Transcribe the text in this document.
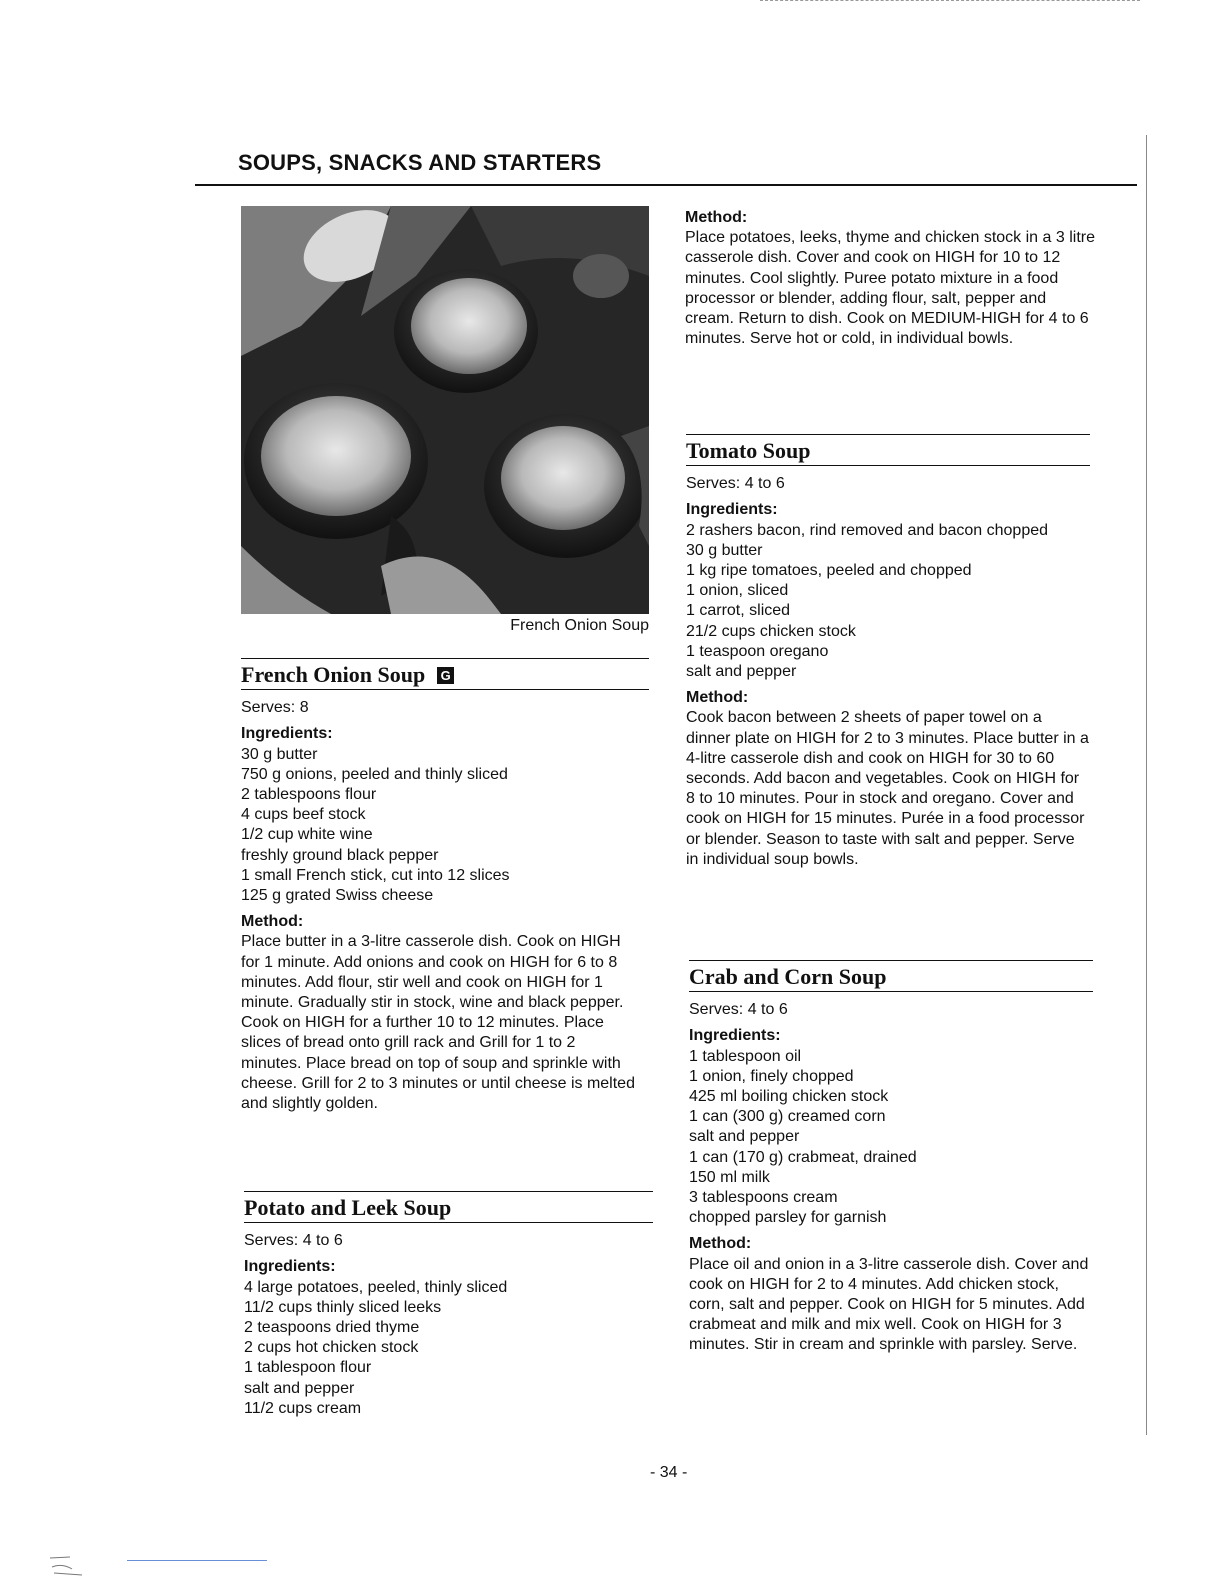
SOUPS, SNACKS AND STARTERS
French Onion Soup
French Onion Soup G
Serves: 8
Ingredients:
30 g butter
750 g onions, peeled and thinly sliced
2 tablespoons flour
4 cups beef stock
1/2 cup white wine
freshly ground black pepper
1 small French stick, cut into 12 slices
125 g grated Swiss cheese
Method:

Place butter in a 3-litre casserole dish. Cook on HIGH for 1 minute. Add onions and cook on HIGH for 6 to 8 minutes. Add flour, stir well and cook on HIGH for 1 minute. Gradually stir in stock, wine and black pepper. Cook on HIGH for a further 10 to 12 minutes. Place slices of bread onto grill rack and Grill for 1 to 2 minutes. Place bread on top of soup and sprinkle with cheese. Grill for 2 to 3 minutes or until cheese is melted and slightly golden.

Potato and Leek Soup
Serves: 4 to 6
Ingredients:
4 large potatoes, peeled, thinly sliced
11/2 cups thinly sliced leeks
2 teaspoons dried thyme
2 cups hot chicken stock
1 tablespoon flour
salt and pepper
11/2 cups cream
Method:

Place potatoes, leeks, thyme and chicken stock in a 3 litre casserole dish. Cover and cook on HIGH for 10 to 12 minutes. Cool slightly. Puree potato mixture in a food processor or blender, adding flour, salt, pepper and cream. Return to dish. Cook on MEDIUM-HIGH for 4 to 6 minutes. Serve hot or cold, in individual bowls.

Tomato Soup
Serves: 4 to 6
Ingredients:
2 rashers bacon, rind removed and bacon chopped
30 g butter
1 kg ripe tomatoes, peeled and chopped
1 onion, sliced
1 carrot, sliced
21/2 cups chicken stock
1 teaspoon oregano
salt and pepper
Method:

Cook bacon between 2 sheets of paper towel on a dinner plate on HIGH for 2 to 3 minutes. Place butter in a 4-litre casserole dish and cook on HIGH for 30 to 60 seconds. Add bacon and vegetables. Cook on HIGH for 8 to 10 minutes. Pour in stock and oregano. Cover and cook on HIGH for 15 minutes. Purée in a food processor or blender. Season to taste with salt and pepper. Serve in individual soup bowls.

Crab and Corn Soup
Serves: 4 to 6
Ingredients:
1 tablespoon oil
1 onion, finely chopped
425 ml boiling chicken stock
1 can (300 g) creamed corn
salt and pepper
1 can (170 g) crabmeat, drained
150 ml milk
3 tablespoons cream
chopped parsley for garnish
Method:

Place oil and onion in a 3-litre casserole dish. Cover and cook on HIGH for 2 to 4 minutes. Add chicken stock, corn, salt and pepper. Cook on HIGH for 5 minutes. Add crabmeat and milk and mix well. Cook on HIGH for 3 minutes. Stir in cream and sprinkle with parsley. Serve.

- 34 -
